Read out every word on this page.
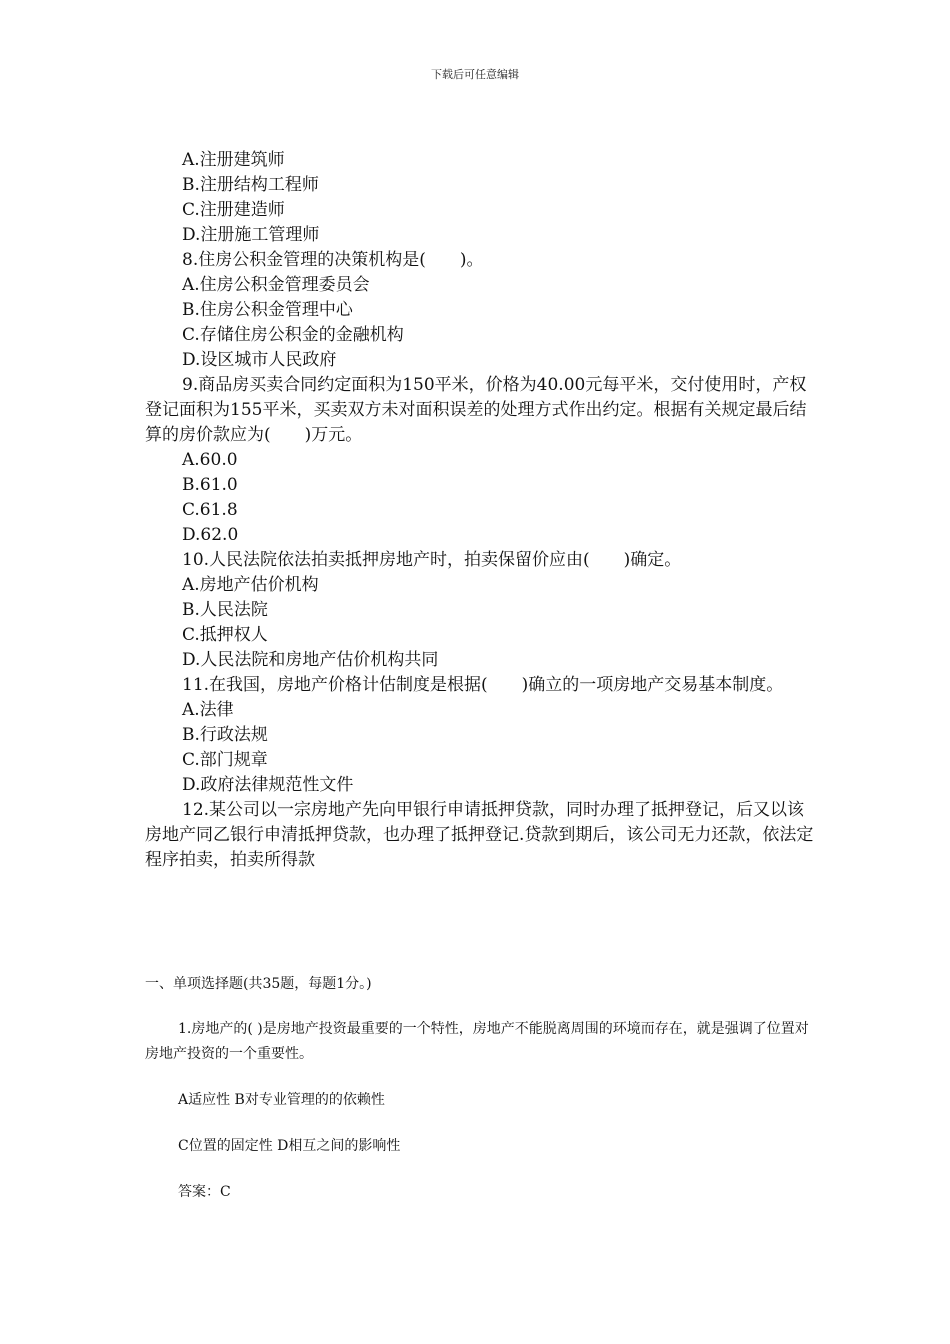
下载后可任意编辑
A.注册建筑师
B.注册结构工程师
C.注册建造师
D.注册施工管理师
8.住房公积金管理的决策机构是(　　)。
A.住房公积金管理委员会
B.住房公积金管理中心
C.存储住房公积金的金融机构
D.设区城市人民政府
9.商品房买卖合同约定面积为150平米，价格为40.00元每平米，交付使用时，产权登记面积为155平米，买卖双方未对面积误差的处理方式作出约定。根据有关规定最后结算的房价款应为(　　)万元。
A.60.0
B.61.0
C.61.8
D.62.0
10.人民法院依法拍卖抵押房地产时，拍卖保留价应由(　　)确定。
A.房地产估价机构
B.人民法院
C.抵押权人
D.人民法院和房地产估价机构共同
11.在我国，房地产价格计估制度是根据(　　)确立的一项房地产交易基本制度。
A.法律
B.行政法规
C.部门规章
D.政府法律规范性文件
12.某公司以一宗房地产先向甲银行申请抵押贷款，同时办理了抵押登记，后又以该房地产同乙银行申清抵押贷款，也办理了抵押登记.贷款到期后，该公司无力还款，依法定程序拍卖，拍卖所得款
一、单项选择题(共35题，每题1分。)
1.房地产的( )是房地产投资最重要的一个特性，房地产不能脱离周围的环境而存在，就是强调了位置对房地产投资的一个重要性。
A适应性 B对专业管理的的依赖性
C位置的固定性 D相互之间的影响性
答案：C
